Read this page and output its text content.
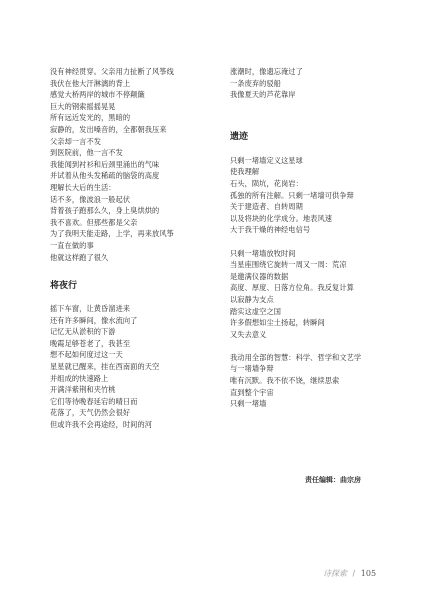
没有神经贯穿。父亲用力扯断了风筝线
我伏在他大汗淋漓的背上
感觉大桥两岸的城市不停颠簸
巨大的钢索摇摇晃晃
所有远近发光的，黑暗的
寂静的，发出嗓音的，全都朝我压来
父亲却一言不发
到医院前，他一言不发
我能闻到衬衫和后颈里涌出的气味
并试着从他头发稀疏的脑袋的高度
理解长大后的生活：
话不多，像波浪一般起伏
背着孩子跑那么久，身上臭烘烘的
我不喜欢。但那些都是父亲
为了我明天能走路，上学，再来放风筝
一直在做的事
他就这样跑了很久
将夜行
摇下车窗，让黄昏溜进来
还有许多瞬间，像水流向了
记忆无从淤积的下游
晚霞足够苍老了，我甚至
想不起如何度过这一天
星星就已醒来，挂在西南面的天空
并组成的快速路上
开满洋紫荆和夹竹桃
它们等待晚春延宕的晴日而
花落了，天气仍然会很好
但或许我不会再途经，时间的河
涨潮时，像遗忘淹过了
一条废弃的驳船
我像夏天的芦花靠岸
遗迹
只剩一堵墙定义这星球
使我理解
石头，陨坑，花岗岩：
孤独的所有注解。只剩一堵墙可供争辩
关于建造者、自转周期
以及将块的化学成分。地表风速
大于我干燥的神经电信号
只剩一堵墙放牧时间
当星座围绕它旋转一周又一周：荒凉
是邀满仪器的数据
高度、厚度、日落方位角。我反复计算
以寂静为支点
踏实这虚空之国
许多假想如尘土扬起，转瞬间
又失去意义
我动用全部的智慧：科学、哲学和文艺学
与一堵墙争辩
唯有沉默。我不依不饶，继续思索
直到整个宇宙
只剩一堵墙
责任编辑：曲宗房
诗探索 / 105
